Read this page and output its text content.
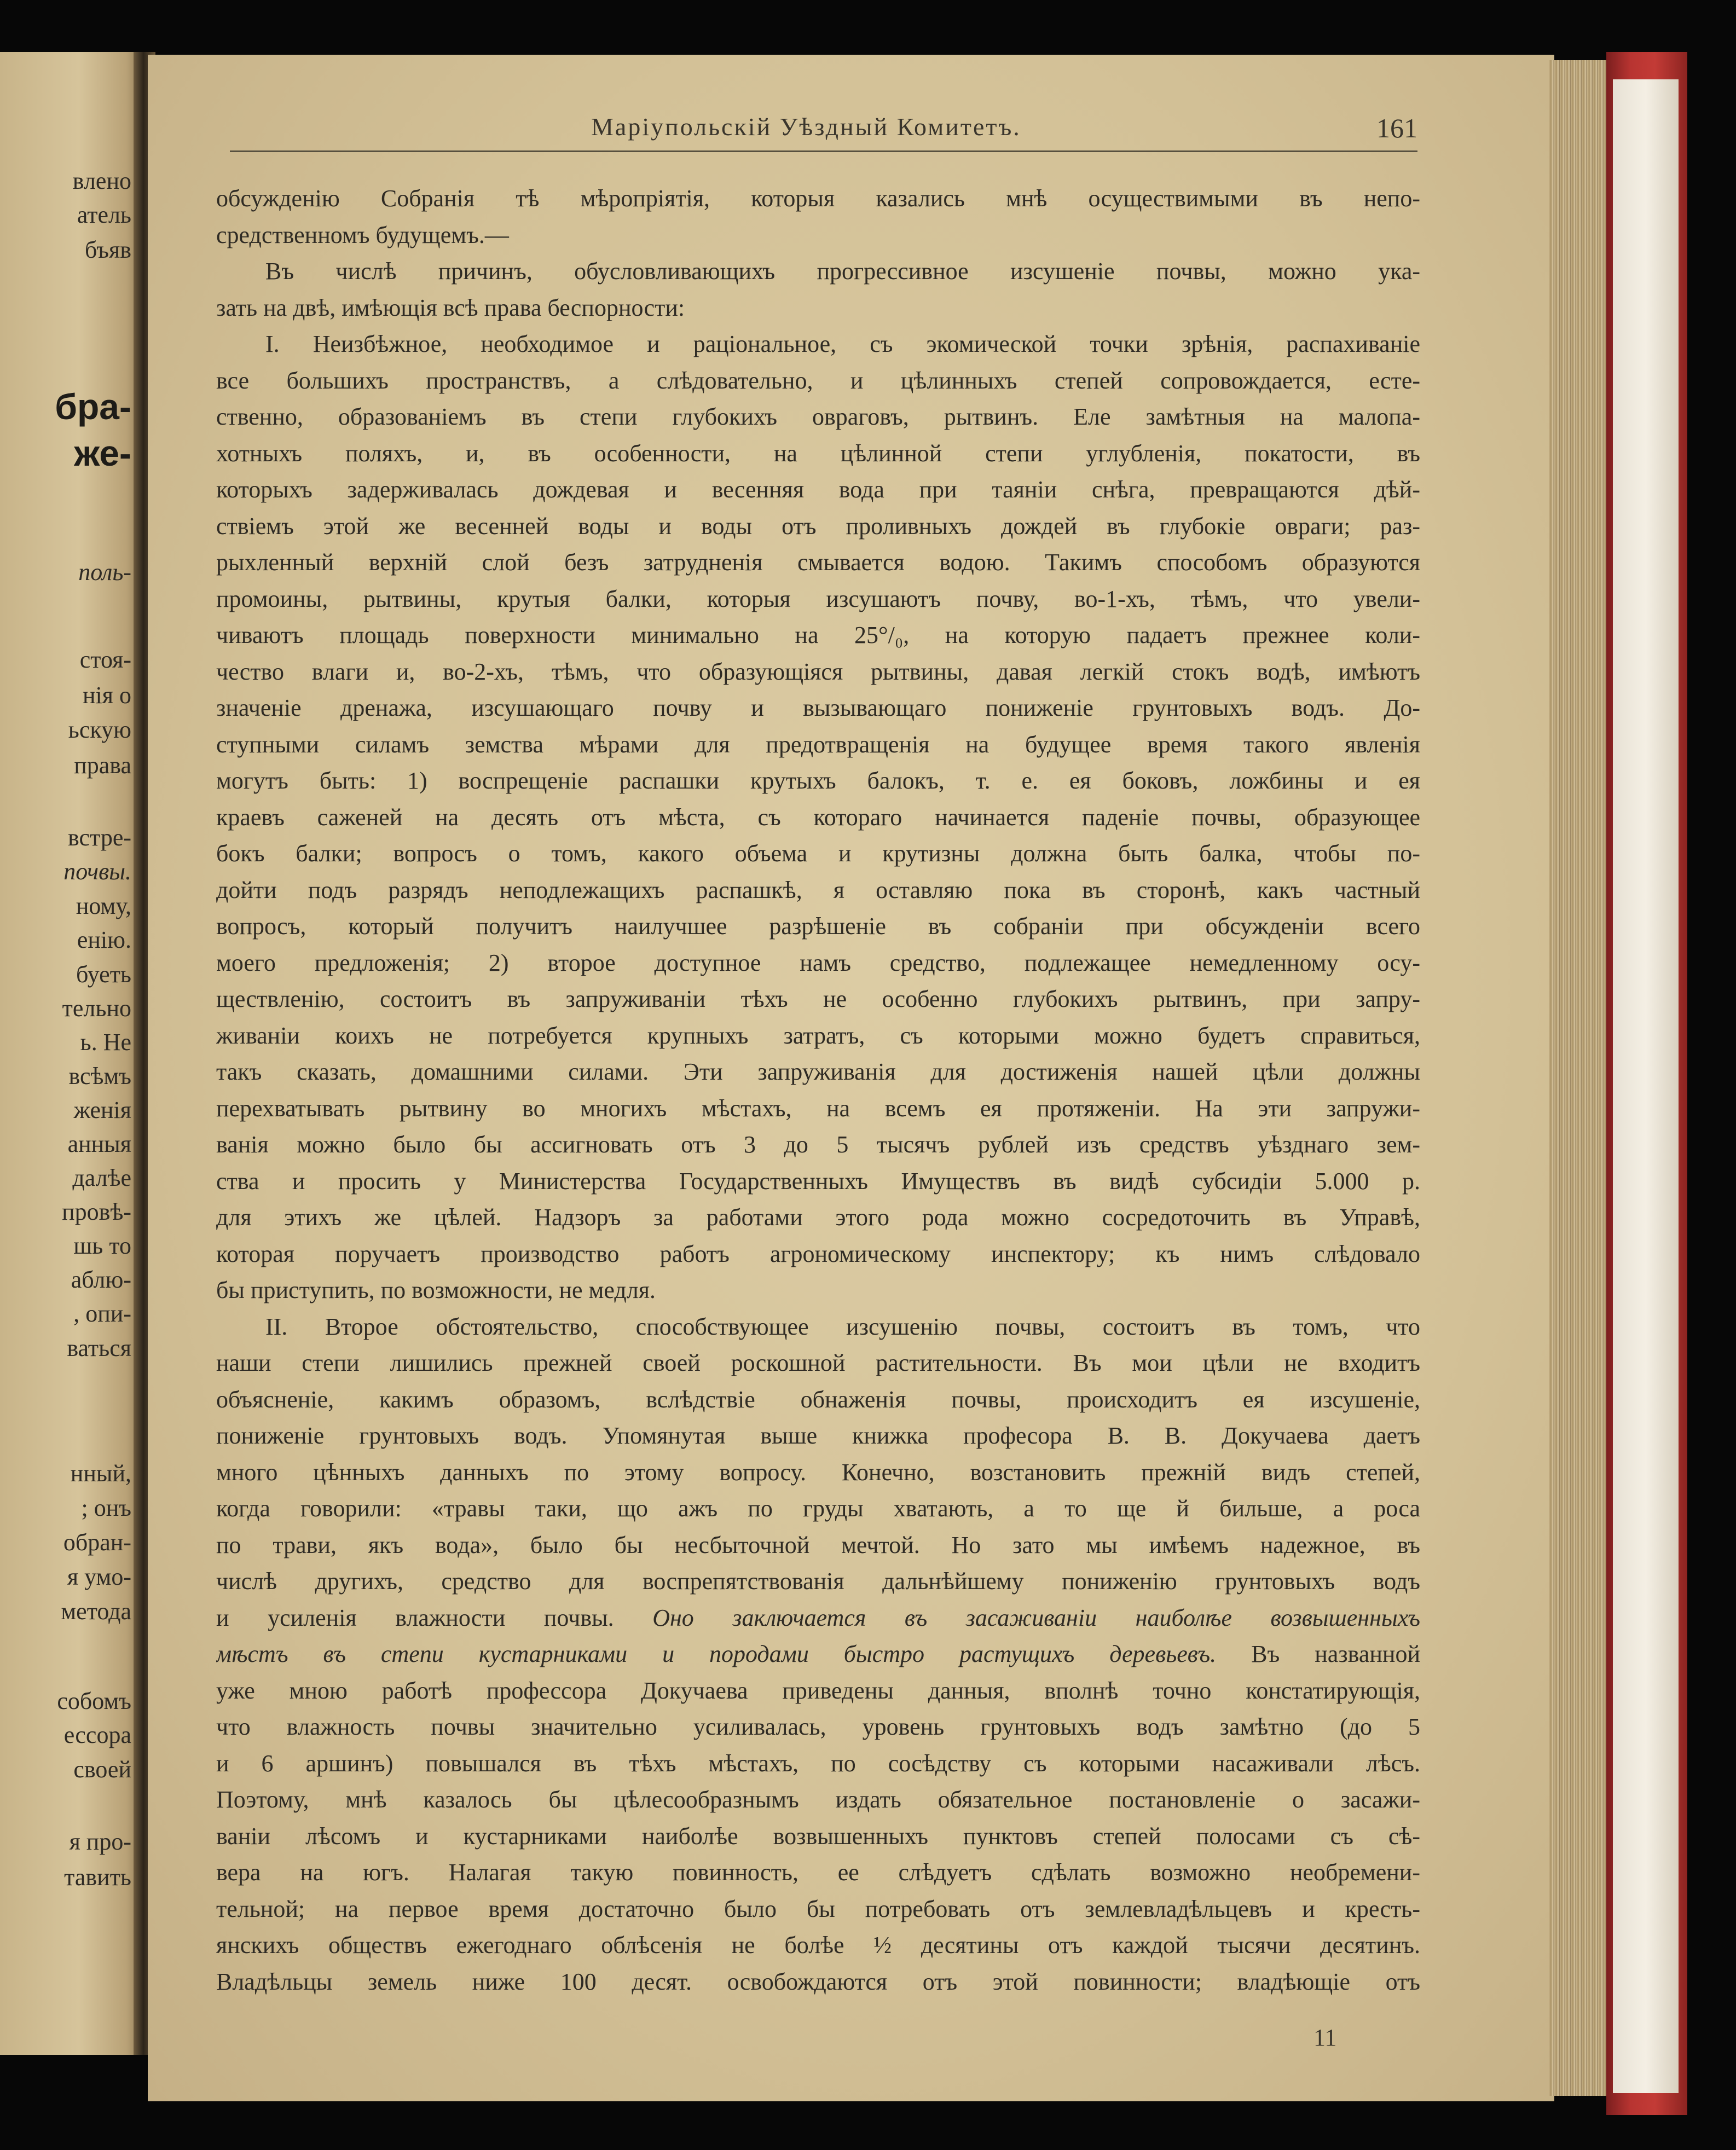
влено
атель
бъяв
бра-
же-
поль-
стоя-
нія о
ьскую
права
встре-
почвы.
ному,
енію.
буеть
тельно
ь. Не
всѣмъ
женія
анныя
далѣе
провѣ-
шь то
аблю-
, опи-
ваться
нный,
; онъ
обран-
я умо-
метода
собомъ
ессора
своей
я про-
тавить
Маріупольскій Уѣздный Комитетъ.	161
обсужденію Собранія тѣ мѣропріятія, которыя казались мнѣ осуществимыми въ непо-
средственномъ будущемъ.—
Въ числѣ причинъ, обусловливающихъ прогрессивное изсушеніе почвы, можно ука-
зать на двѣ, имѣющія всѣ права беспорности:
I. Неизбѣжное, необходимое и раціональное, съ экомической точки зрѣнія, распахиваніе
все большихъ пространствъ, а слѣдовательно, и цѣлинныхъ степей сопровождается, есте-
ственно, образованіемъ въ степи глубокихъ овраговъ, рытвинъ. Еле замѣтныя на малопа-
хотныхъ поляхъ, и, въ особенности, на цѣлинной степи углубленія, покатости, въ
которыхъ задерживалась дождевая и весенняя вода при таяніи снѣга, превращаются дѣй-
ствіемъ этой же весенней воды и воды отъ проливныхъ дождей въ глубокіе овраги; раз-
рыхленный верхній слой безъ затрудненія смывается водою. Такимъ способомъ образуются
промоины, рытвины, крутыя балки, которыя изсушаютъ почву, во-1-хъ, тѣмъ, что увели-
чиваютъ площадь поверхности минимально на 25°/₀, на которую падаетъ прежнее коли-
чество влаги и, во-2-хъ, тѣмъ, что образующіяся рытвины, давая легкій стокъ водѣ, имѣютъ
значеніе дренажа, изсушающаго почву и вызывающаго пониженіе грунтовыхъ водъ. До-
ступными силамъ земства мѣрами для предотвращенія на будущее время такого явленія
могутъ быть: 1) воспрещеніе распашки крутыхъ балокъ, т. е. ея боковъ, ложбины и ея
краевъ саженей на десять отъ мѣста, съ котораго начинается паденіе почвы, образующее
бокъ балки; вопросъ о томъ, какого объема и крутизны должна быть балка, чтобы по-
дойти подъ разрядъ неподлежащихъ распашкѣ, я оставляю пока въ сторонѣ, какъ частный
вопросъ, который получитъ наилучшее разрѣшеніе въ собраніи при обсужденіи всего
моего предложенія; 2) второе доступное намъ средство, подлежащее немедленному осу-
ществленію, состоитъ въ запруживаніи тѣхъ не особенно глубокихъ рытвинъ, при запру-
живаніи коихъ не потребуется крупныхъ затратъ, съ которыми можно будетъ справиться,
такъ сказать, домашними силами. Эти запруживанія для достиженія нашей цѣли должны
перехватывать рытвину во многихъ мѣстахъ, на всемъ ея протяженіи. На эти запружи-
ванія можно было бы ассигновать отъ 3 до 5 тысячъ рублей изъ средствъ уѣзднаго зем-
ства и просить у Министерства Государственныхъ Имуществъ въ видѣ субсидіи 5.000 р.
для этихъ же цѣлей. Надзоръ за работами этого рода можно сосредоточить въ Управѣ,
которая поручаетъ производство работъ агрономическому инспектору; къ нимъ слѣдовало
бы приступить, по возможности, не медля.
II. Второе обстоятельство, способствующее изсушенію почвы, состоитъ въ томъ, что
наши степи лишились прежней своей роскошной растительности. Въ мои цѣли не входитъ
объясненіе, какимъ образомъ, вслѣдствіе обнаженія почвы, происходитъ ея изсушеніе,
пониженіе грунтовыхъ водъ. Упомянутая выше книжка професора В. В. Докучаева даетъ
много цѣнныхъ данныхъ по этому вопросу. Конечно, возстановить прежній видъ степей,
когда говорили: «травы таки, що ажъ по груды хватають, а то ще й бильше, а роса
по трави, якъ вода», было бы несбыточной мечтой. Но зато мы имѣемъ надежное, въ
числѣ другихъ, средство для воспрепятствованія дальнѣйшему пониженію грунтовыхъ водъ
и усиленія влажности почвы. Оно заключается въ засаживаніи наиболѣе возвышенныхъ
мѣстъ въ степи кустарниками и породами быстро растущихъ деревьевъ. Въ названной
уже мною работѣ профессора Докучаева приведены данныя, вполнѣ точно констатирующія,
что влажность почвы значительно усиливалась, уровень грунтовыхъ водъ замѣтно (до 5
и 6 аршинъ) повышался въ тѣхъ мѣстахъ, по сосѣдству съ которыми насаживали лѣсъ.
Поэтому, мнѣ казалось бы цѣлесообразнымъ издать обязательное постановленіе о засажи-
ваніи лѣсомъ и кустарниками наиболѣе возвышенныхъ пунктовъ степей полосами съ сѣ-
вера на югъ. Налагая такую повинность, ее слѣдуетъ сдѣлать возможно необремени-
тельной; на первое время достаточно было бы потребовать отъ землевладѣльцевъ и кресть-
янскихъ обществъ ежегоднаго облѣсенія не болѣе ½ десятины отъ каждой тысячи десятинъ.
Владѣльцы земель ниже 100 десят. освобождаются отъ этой повинности; владѣющіе отъ
11
